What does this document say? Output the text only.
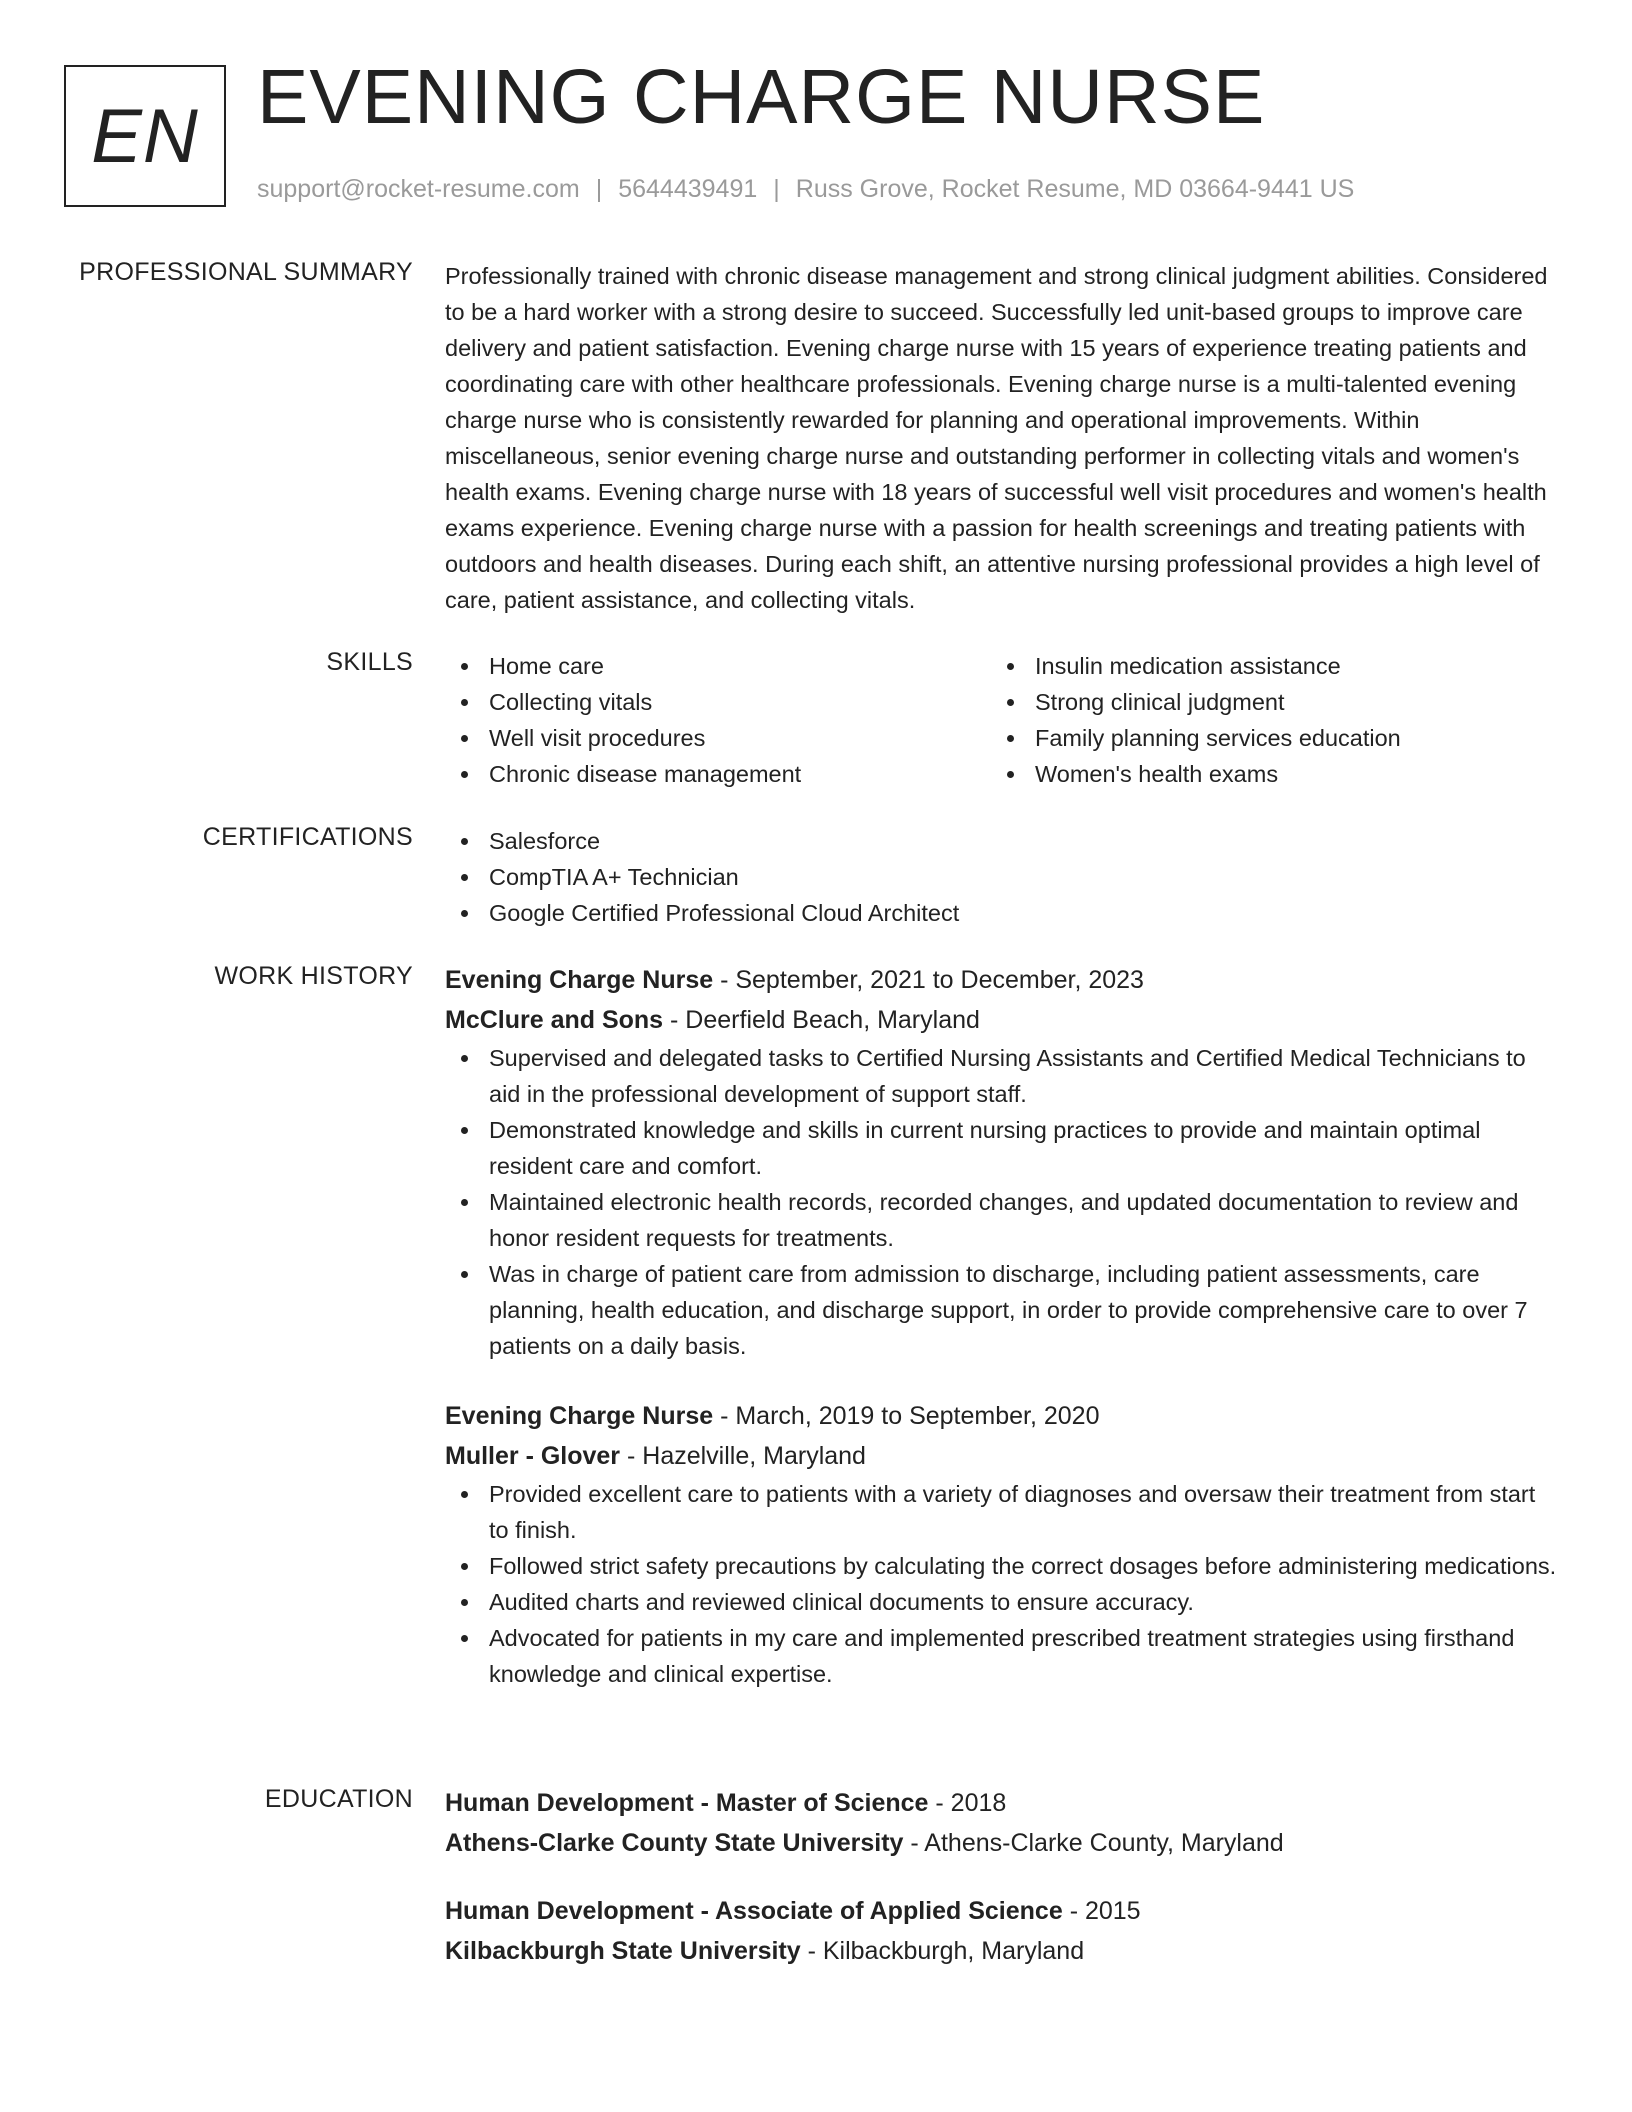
EN EVENING CHARGE NURSE
support@rocket-resume.com | 5644439491 | Russ Grove, Rocket Resume, MD 03664-9441 US
PROFESSIONAL SUMMARY Professionally trained with chronic disease management and strong clinical judgment abilities. Considered to be a hard worker with a strong desire to succeed. Successfully led unit-based groups to improve care delivery and patient satisfaction. Evening charge nurse with 15 years of experience treating patients and coordinating care with other healthcare professionals. Evening charge nurse is a multi-talented evening charge nurse who is consistently rewarded for planning and operational improvements. Within miscellaneous, senior evening charge nurse and outstanding performer in collecting vitals and women's health exams. Evening charge nurse with 18 years of successful well visit procedures and women's health exams experience. Evening charge nurse with a passion for health screenings and treating patients with outdoors and health diseases. During each shift, an attentive nursing professional provides a high level of care, patient assistance, and collecting vitals.

SKILLS	Home care
Collecting vitals
Well visit procedures
Chronic disease management
Insulin medication assistance
Strong clinical judgment
Family planning services education
Women's health exams
CERTIFICATIONS	Salesforce
CompTIA A+ Technician
Google Certified Professional Cloud Architect
WORK HISTORY Evening Charge Nurse - September, 2021 to December, 2023
McClure and Sons - Deerfield Beach, Maryland
Supervised and delegated tasks to Certified Nursing Assistants and Certified Medical Technicians to aid in the professional development of support staff.
Demonstrated knowledge and skills in current nursing practices to provide and maintain optimal resident care and comfort.
Maintained electronic health records, recorded changes, and updated documentation to review and honor resident requests for treatments.
Was in charge of patient care from admission to discharge, including patient assessments, care planning, health education, and discharge support, in order to provide comprehensive care to over 7 patients on a daily basis.
Evening Charge Nurse - March, 2019 to September, 2020
Muller - Glover - Hazelville, Maryland
Provided excellent care to patients with a variety of diagnoses and oversaw their treatment from start to finish.
Followed strict safety precautions by calculating the correct dosages before administering medications.
Audited charts and reviewed clinical documents to ensure accuracy.
Advocated for patients in my care and implemented prescribed treatment strategies using firsthand knowledge and clinical expertise.
EDUCATION Human Development - Master of Science - 2018
Athens-Clarke County State University - Athens-Clarke County, Maryland
Human Development - Associate of Applied Science - 2015
Kilbackburgh State University - Kilbackburgh, Maryland
